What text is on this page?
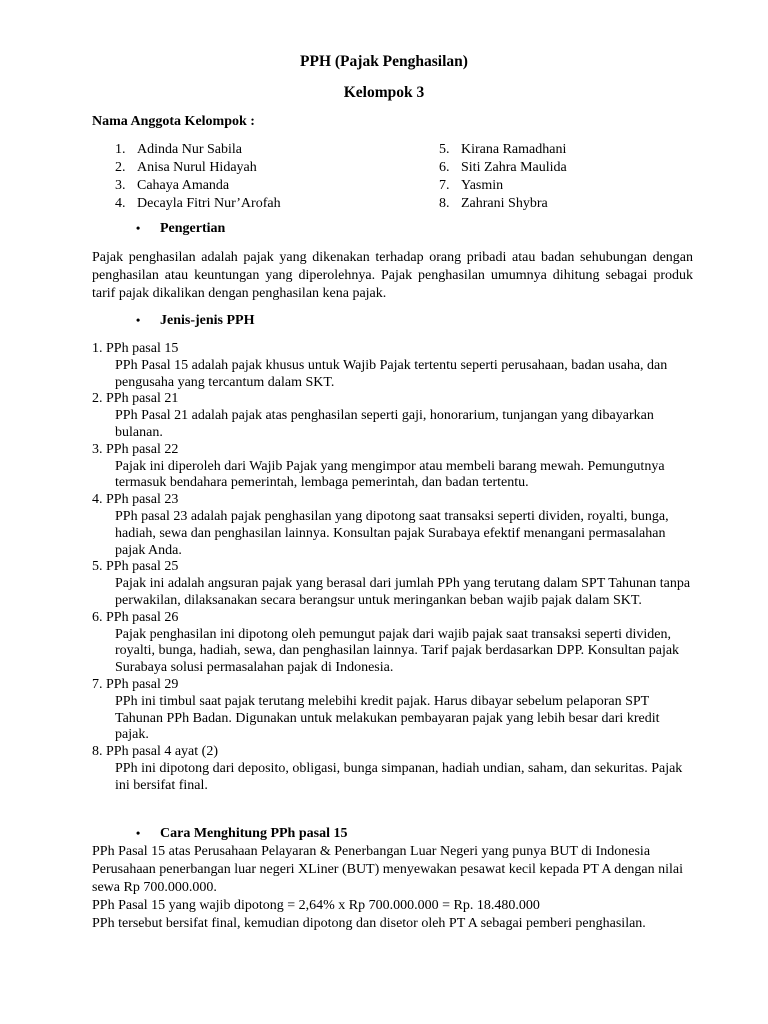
PPH (Pajak Penghasilan)
Kelompok 3

Nama Anggota Kelompok :

1. Adinda Nur Sabila
2. Anisa Nurul Hidayah
3. Cahaya Amanda
4. Decayla Fitri Nur’Arofah
5. Kirana Ramadhani
6. Siti Zahra Maulida
7. Yasmin
8. Zahrani Shybra

• Pengertian

Pajak penghasilan adalah pajak yang dikenakan terhadap orang pribadi atau badan sehubungan dengan penghasilan atau keuntungan yang diperolehnya. Pajak penghasilan umumnya dihitung sebagai produk tarif pajak dikalikan dengan penghasilan kena pajak.

• Jenis-jenis PPH

1. PPh pasal 15
PPh Pasal 15 adalah pajak khusus untuk Wajib Pajak tertentu seperti perusahaan, badan usaha, dan pengusaha yang tercantum dalam SKT.
2. PPh pasal 21
PPh Pasal 21 adalah pajak atas penghasilan seperti gaji, honorarium, tunjangan yang dibayarkan bulanan.
3. PPh pasal 22
Pajak ini diperoleh dari Wajib Pajak yang mengimpor atau membeli barang mewah. Pemungutnya termasuk bendahara pemerintah, lembaga pemerintah, dan badan tertentu.
4. PPh pasal 23
PPh pasal 23 adalah pajak penghasilan yang dipotong saat transaksi seperti dividen, royalti, bunga, hadiah, sewa dan penghasilan lainnya. Konsultan pajak Surabaya efektif menangani permasalahan pajak Anda.
5. PPh pasal 25
Pajak ini adalah angsuran pajak yang berasal dari jumlah PPh yang terutang dalam SPT Tahunan tanpa perwakilan, dilaksanakan secara berangsur untuk meringankan beban wajib pajak dalam SKT.
6. PPh pasal 26
Pajak penghasilan ini dipotong oleh pemungut pajak dari wajib pajak saat transaksi seperti dividen, royalti, bunga, hadiah, sewa, dan penghasilan lainnya. Tarif pajak berdasarkan DPP. Konsultan pajak Surabaya solusi permasalahan pajak di Indonesia.
7. PPh pasal 29
PPh ini timbul saat pajak terutang melebihi kredit pajak. Harus dibayar sebelum pelaporan SPT Tahunan PPh Badan. Digunakan untuk melakukan pembayaran pajak yang lebih besar dari kredit pajak.
8. PPh pasal 4 ayat (2)
PPh ini dipotong dari deposito, obligasi, bunga simpanan, hadiah undian, saham, dan sekuritas. Pajak ini bersifat final.

• Cara Menghitung PPh pasal 15

PPh Pasal 15 atas Perusahaan Pelayaran & Penerbangan Luar Negeri yang punya BUT di Indonesia Perusahaan penerbangan luar negeri XLiner (BUT) menyewakan pesawat kecil kepada PT A dengan nilai sewa Rp 700.000.000.
PPh Pasal 15 yang wajib dipotong = 2,64% x Rp 700.000.000 = Rp. 18.480.000
PPh tersebut bersifat final, kemudian dipotong dan disetor oleh PT A sebagai pemberi penghasilan.
